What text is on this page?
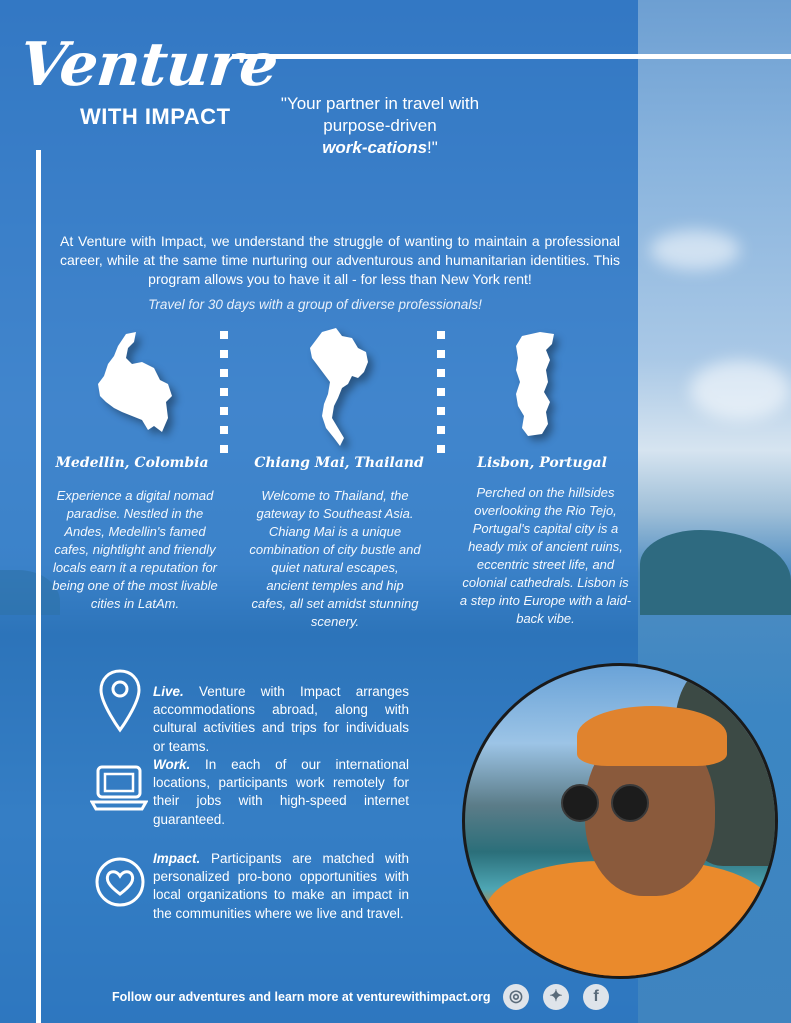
Venture
WITH IMPACT
"Your partner in travel with purpose-driven
work-cations!"
At Venture with Impact, we understand the struggle of wanting to maintain a professional career, while at the same time nurturing our adventurous and humanitarian identities. This program allows you to have it all - for less than New York rent!
Travel for 30 days with a group of diverse professionals!
Medellin, Colombia	Chiang Mai, Thailand	Lisbon, Portugal
Experience a digital nomad paradise. Nestled in the Andes, Medellin's famed cafes, nightlight and friendly locals earn it a reputation for being one of the most livable cities in LatAm.
Welcome to Thailand, the gateway to Southeast Asia. Chiang Mai is a unique combination of city bustle and quiet natural escapes, ancient temples and hip cafes, all set amidst stunning scenery.
Perched on the hillsides overlooking the Rio Tejo, Portugal's capital city is a heady mix of ancient ruins, eccentric street life, and colonial cathedrals. Lisbon is a step into Europe with a laid-back vibe.
Live. Venture with Impact arranges accommodations abroad, along with cultural activities and trips for individuals or teams.
Work. In each of our international locations, participants work remotely for their jobs with high-speed internet guaranteed.
Impact. Participants are matched with personalized pro-bono opportunities with local organizations to make an impact in the communities where we live and travel.
Follow our adventures and learn more at venturewithimpact.org	◎	✦	f
